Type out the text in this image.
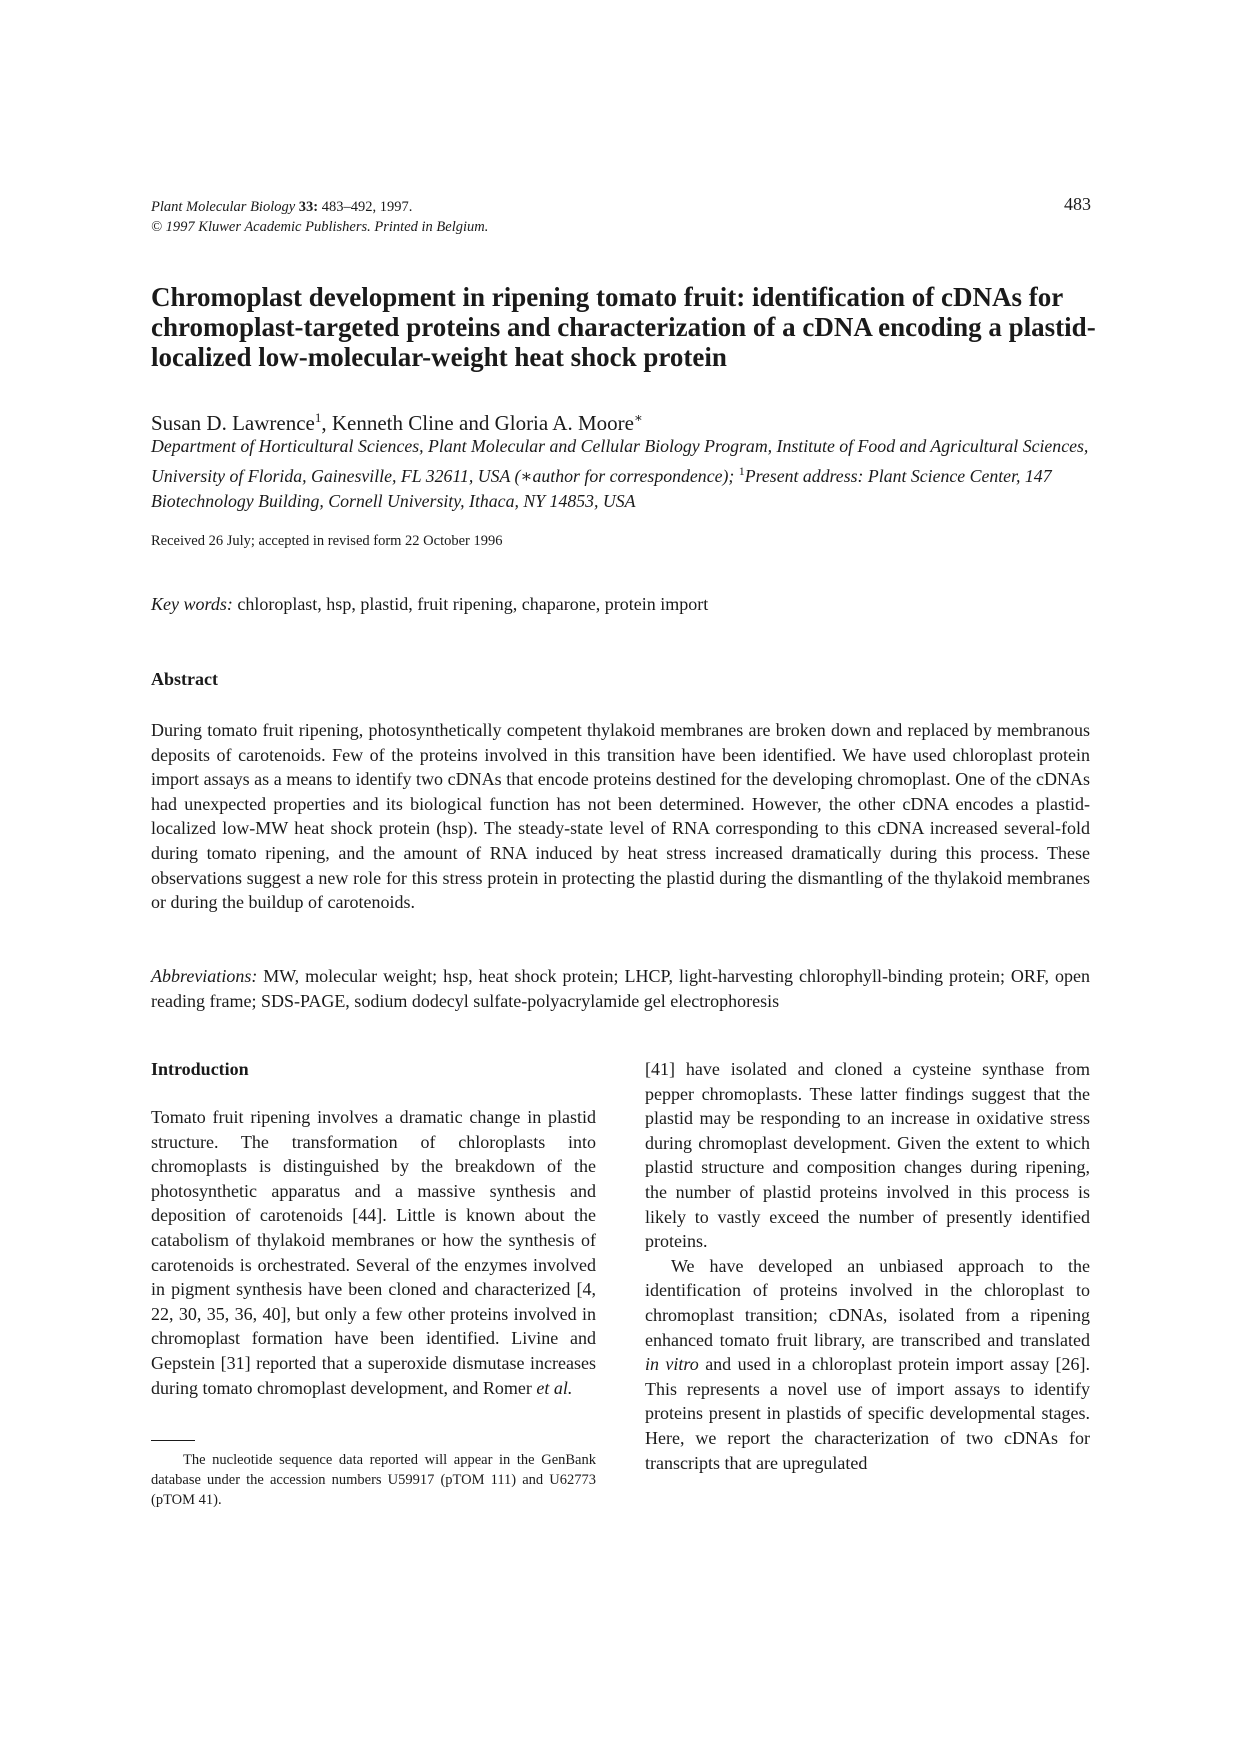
Plant Molecular Biology 33: 483–492, 1997.
© 1997 Kluwer Academic Publishers. Printed in Belgium.
483
Chromoplast development in ripening tomato fruit: identification of cDNAs for chromoplast-targeted proteins and characterization of a cDNA encoding a plastid-localized low-molecular-weight heat shock protein
Susan D. Lawrence$^1$, Kenneth Cline and Gloria A. Moore∗
Department of Horticultural Sciences, Plant Molecular and Cellular Biology Program, Institute of Food and Agricultural Sciences, University of Florida, Gainesville, FL 32611, USA (∗author for correspondence); $^1$Present address: Plant Science Center, 147 Biotechnology Building, Cornell University, Ithaca, NY 14853, USA
Received 26 July; accepted in revised form 22 October 1996
Key words: chloroplast, hsp, plastid, fruit ripening, chaparone, protein import
Abstract

During tomato fruit ripening, photosynthetically competent thylakoid membranes are broken down and replaced by membranous deposits of carotenoids. Few of the proteins involved in this transition have been identified. We have used chloroplast protein import assays as a means to identify two cDNAs that encode proteins destined for the developing chromoplast. One of the cDNAs had unexpected properties and its biological function has not been determined. However, the other cDNA encodes a plastid-localized low-MW heat shock protein (hsp). The steady-state level of RNA corresponding to this cDNA increased several-fold during tomato ripening, and the amount of RNA induced by heat stress increased dramatically during this process. These observations suggest a new role for this stress protein in protecting the plastid during the dismantling of the thylakoid membranes or during the buildup of carotenoids.

Abbreviations: MW, molecular weight; hsp, heat shock protein; LHCP, light-harvesting chlorophyll-binding protein; ORF, open reading frame; SDS-PAGE, sodium dodecyl sulfate-polyacrylamide gel electrophoresis

Introduction

Tomato fruit ripening involves a dramatic change in plastid structure. The transformation of chloroplasts into chromoplasts is distinguished by the breakdown of the photosynthetic apparatus and a massive synthesis and deposition of carotenoids [44]. Little is known about the catabolism of thylakoid membranes or how the synthesis of carotenoids is orchestrated. Several of the enzymes involved in pigment synthesis have been cloned and characterized [4, 22, 30, 35, 36, 40], but only a few other proteins involved in chromoplast formation have been identified. Livine and Gepstein [31] reported that a superoxide dismutase increases during tomato chromoplast development, and Romer et al.

[41] have isolated and cloned a cysteine synthase from pepper chromoplasts. These latter findings suggest that the plastid may be responding to an increase in oxidative stress during chromoplast development. Given the extent to which plastid structure and composition changes during ripening, the number of plastid proteins involved in this process is likely to vastly exceed the number of presently identified proteins.

We have developed an unbiased approach to the identification of proteins involved in the chloroplast to chromoplast transition; cDNAs, isolated from a ripening enhanced tomato fruit library, are transcribed and translated in vitro and used in a chloroplast protein import assay [26]. This represents a novel use of import assays to identify proteins present in plastids of specific developmental stages. Here, we report the characterization of two cDNAs for transcripts that are upregulated

The nucleotide sequence data reported will appear in the GenBank database under the accession numbers U59917 (pTOM 111) and U62773 (pTOM 41).
